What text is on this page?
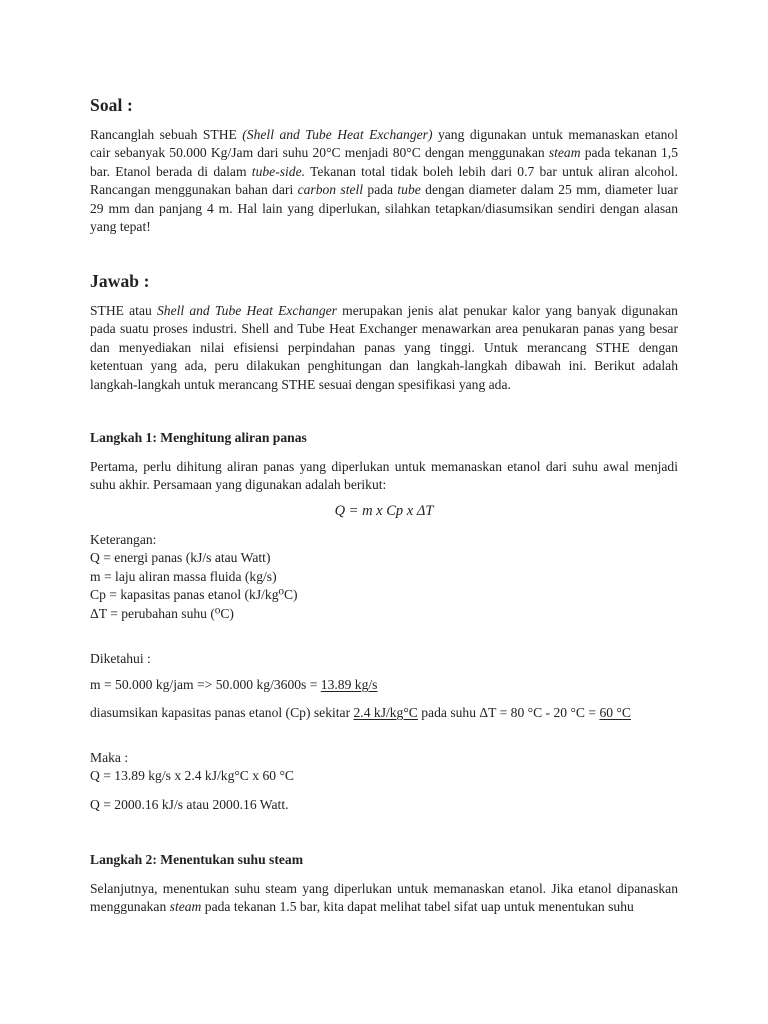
Soal :
Rancanglah sebuah STHE (Shell and Tube Heat Exchanger) yang digunakan untuk memanaskan etanol
cair sebanyak 50.000 Kg/Jam dari suhu 20°C menjadi 80°C dengan menggunakan steam pada tekanan 1,5
bar. Etanol berada di dalam tube-side. Tekanan total tidak boleh lebih dari 0.7 bar untuk aliran alcohol.
Rancangan menggunakan bahan dari carbon stell pada tube dengan diameter dalam 25 mm, diameter luar
29 mm dan panjang 4 m. Hal lain yang diperlukan, silahkan tetapkan/diasumsikan sendiri dengan alasan
yang tepat!
Jawab :
STHE atau Shell and Tube Heat Exchanger merupakan jenis alat penukar kalor yang banyak digunakan
pada suatu proses industri. Shell and Tube Heat Exchanger menawarkan area penukaran panas yang besar
dan menyediakan nilai efisiensi perpindahan panas yang tinggi. Untuk merancang STHE dengan
ketentuan yang ada, peru dilakukan penghitungan dan langkah-langkah dibawah ini. Berikut adalah
langkah-langkah untuk merancang STHE sesuai dengan spesifikasi yang ada.
Langkah 1: Menghitung aliran panas
Pertama, perlu dihitung aliran panas yang diperlukan untuk memanaskan etanol dari suhu awal menjadi
suhu akhir. Persamaan yang digunakan adalah berikut:
Q = m x Cp x ΔT
Keterangan:
Q = energi panas (kJ/s atau Watt)
m = laju aliran massa fluida (kg/s)
Cp = kapasitas panas etanol (kJ/kg⁰C)
ΔT = perubahan suhu (⁰C)
Diketahui :
m = 50.000 kg/jam => 50.000 kg/3600s = 13.89 kg/s
diasumsikan kapasitas panas etanol (Cp) sekitar 2.4 kJ/kg°C pada suhu ΔT = 80 °C - 20 °C = 60 °C
Maka :
Q = 13.89 kg/s x 2.4 kJ/kg°C x 60 °C
Q = 2000.16 kJ/s atau 2000.16 Watt.
Langkah 2: Menentukan suhu steam
Selanjutnya, menentukan suhu steam yang diperlukan untuk memanaskan etanol. Jika etanol dipanaskan
menggunakan steam pada tekanan 1.5 bar, kita dapat melihat tabel sifat uap untuk menentukan suhu
